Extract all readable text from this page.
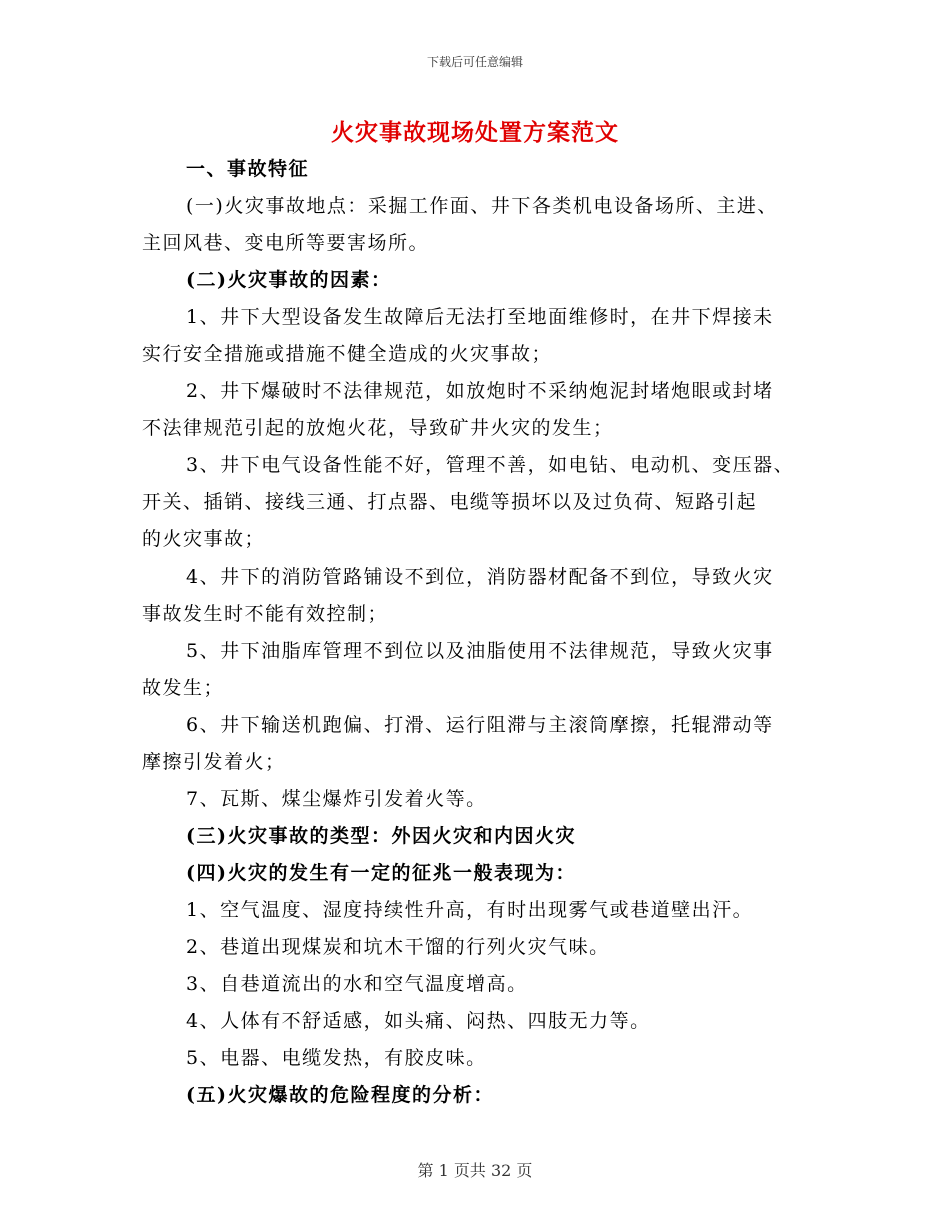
下载后可任意编辑
火灾事故现场处置方案范文
一、事故特征
(一)火灾事故地点：采掘工作面、井下各类机电设备场所、主进、
主回风巷、变电所等要害场所。
(二)火灾事故的因素：
1、井下大型设备发生故障后无法打至地面维修时，在井下焊接未
实行安全措施或措施不健全造成的火灾事故；
2、井下爆破时不法律规范，如放炮时不采纳炮泥封堵炮眼或封堵
不法律规范引起的放炮火花，导致矿井火灾的发生；
3、井下电气设备性能不好，管理不善，如电钻、电动机、变压器、
开关、插销、接线三通、打点器、电缆等损坏以及过负荷、短路引起
的火灾事故；
4、井下的消防管路铺设不到位，消防器材配备不到位，导致火灾
事故发生时不能有效控制；
5、井下油脂库管理不到位以及油脂使用不法律规范，导致火灾事
故发生；
6、井下输送机跑偏、打滑、运行阻滞与主滚筒摩擦，托辊滞动等
摩擦引发着火；
7、瓦斯、煤尘爆炸引发着火等。
(三)火灾事故的类型：外因火灾和内因火灾
(四)火灾的发生有一定的征兆一般表现为：
1、空气温度、湿度持续性升高，有时出现雾气或巷道壁出汗。
2、巷道出现煤炭和坑木干馏的行列火灾气味。
3、自巷道流出的水和空气温度增高。
4、人体有不舒适感，如头痛、闷热、四肢无力等。
5、电器、电缆发热，有胶皮味。
(五)火灾爆故的危险程度的分析：
第 1 页共 32 页
